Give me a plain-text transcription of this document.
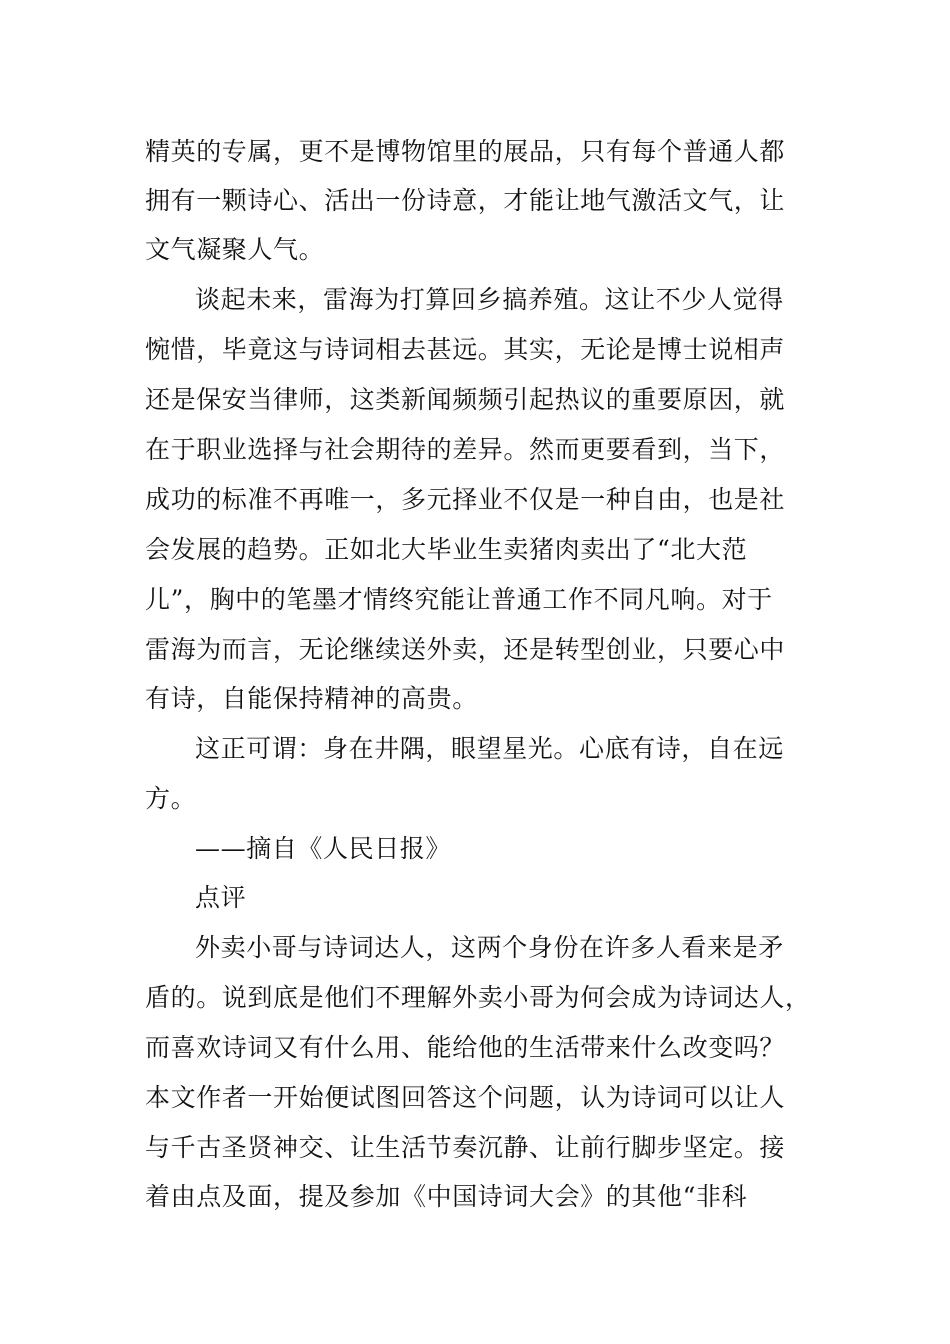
精英的专属，更不是博物馆里的展品，只有每个普通人都
拥有一颗诗心、活出一份诗意，才能让地气激活文气，让
文气凝聚人气。
谈起未来，雷海为打算回乡搞养殖。这让不少人觉得
惋惜，毕竟这与诗词相去甚远。其实，无论是博士说相声
还是保安当律师，这类新闻频频引起热议的重要原因，就
在于职业选择与社会期待的差异。然而更要看到，当下，
成功的标准不再唯一，多元择业不仅是一种自由，也是社
会发展的趋势。正如北大毕业生卖猪肉卖出了“北大范
儿”，胸中的笔墨才情终究能让普通工作不同凡响。对于
雷海为而言，无论继续送外卖，还是转型创业，只要心中
有诗，自能保持精神的高贵。
这正可谓：身在井隅，眼望星光。心底有诗，自在远
方。
——摘自《人民日报》
点评
外卖小哥与诗词达人，这两个身份在许多人看来是矛
盾的。说到底是他们不理解外卖小哥为何会成为诗词达人，
而喜欢诗词又有什么用、能给他的生活带来什么改变吗？
本文作者一开始便试图回答这个问题，认为诗词可以让人
与千古圣贤神交、让生活节奏沉静、让前行脚步坚定。接
着由点及面，提及参加《中国诗词大会》的其他“非科
